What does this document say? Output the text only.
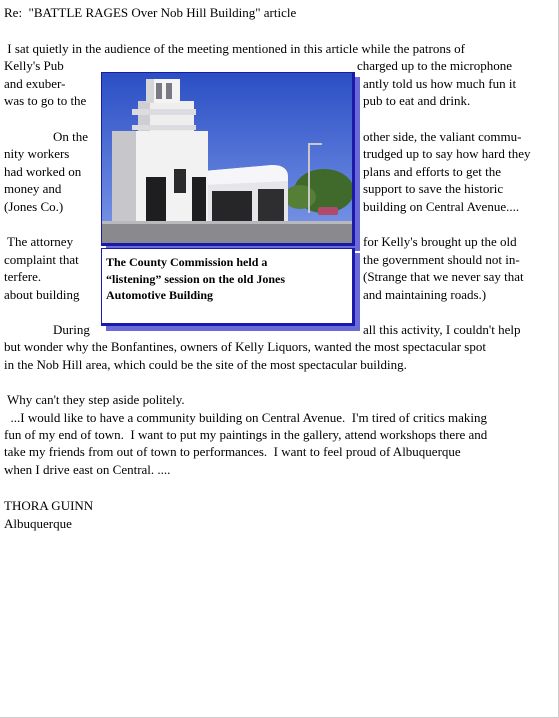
Re:  "BATTLE RAGES Over Nob Hill Building" article
I sat quietly in the audience of the meeting mentioned in this article while the patrons of
Kelly's Pub	charged up to the microphone
and exuber-	antly told us how much fun it
was to go to the	pub to eat and drink.
On the	other side, the valiant commu-
nity workers	trudged up to say how hard they
had worked on	plans and efforts to get the
money and	support to save the historic
(Jones Co.)	building on Central Avenue....
The attorney	for Kelly's brought up the old
complaint that	the government should not in-
terfere.	(Strange that we never say that
about building	and maintaining roads.)
During	all this activity, I couldn't help
but wonder why the Bonfantines, owners of Kelly Liquors, wanted the most spectacular spot
in the Nob Hill area, which could be the site of the most spectacular building.
Why can't they step aside politely.
...I would like to have a community building on Central Avenue.  I'm tired of critics making
fun of my end of town.  I want to put my paintings in the gallery, attend workshops there and
take my friends from out of town to performances.  I want to feel proud of Albuquerque
when I drive east on Central. ....
THORA GUINN
Albuquerque
The County Commission held a “listening” session on the old Jones Automotive Building
